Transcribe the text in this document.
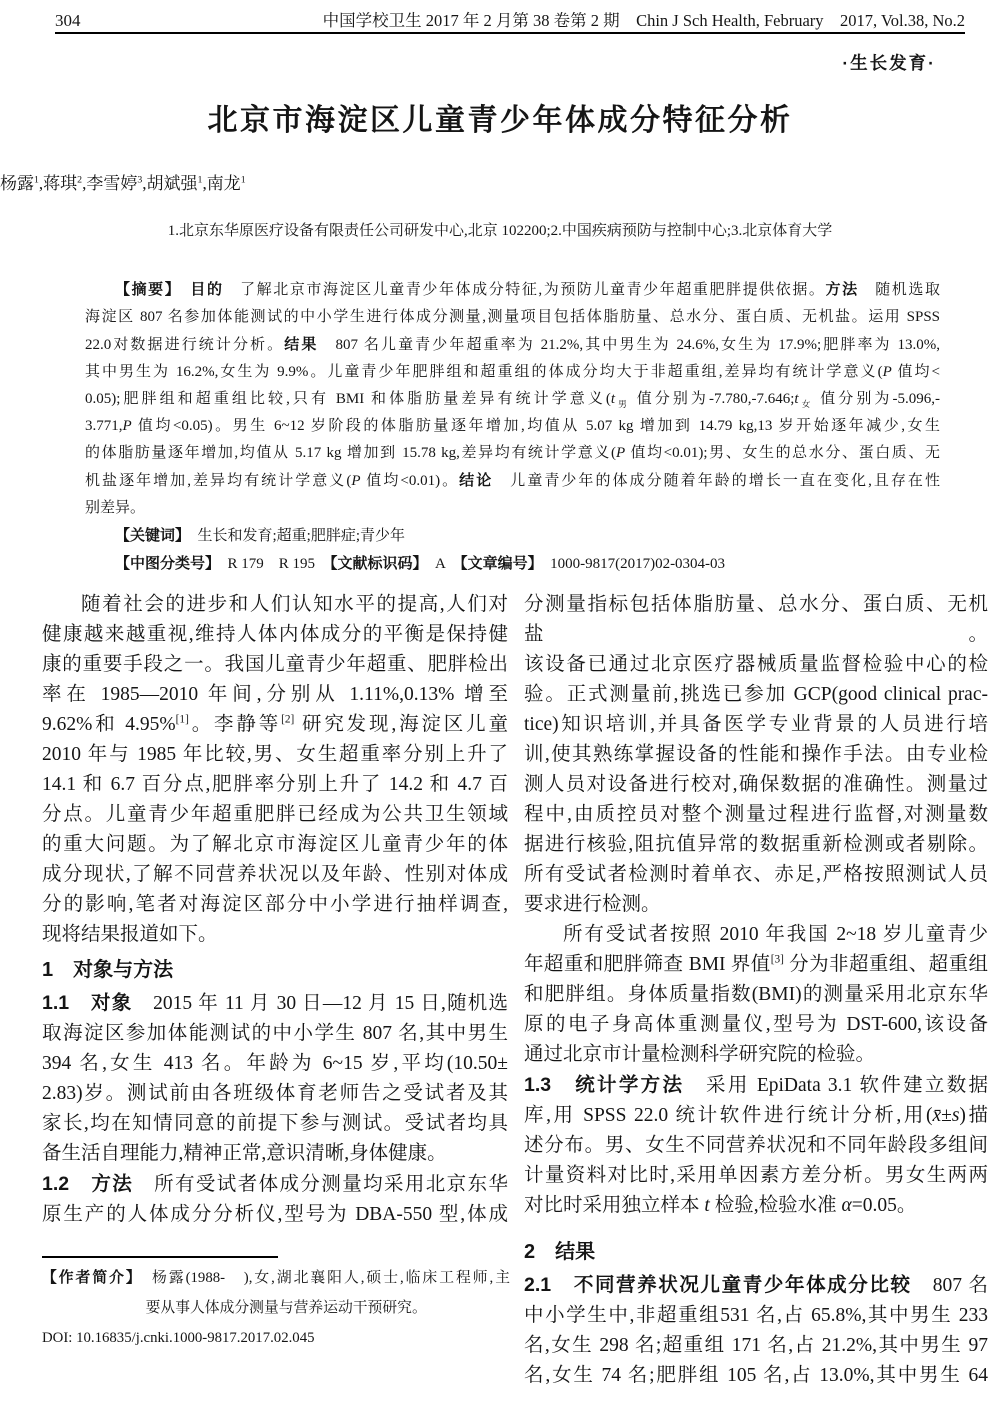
304	中国学校卫生 2017 年 2 月第 38 卷第 2 期　Chin J Sch Health, February　2017, Vol.38, No.2
·生长发育·
北京市海淀区儿童青少年体成分特征分析
杨露$^1$,蒋琪$^2$,李雪婷$^3$,胡斌强$^1$,南龙$^1$
1.北京东华原医疗设备有限责任公司研发中心,北京 102200;2.中国疾病预防与控制中心;3.北京体育大学
【摘要】　 目的　了解北京市海淀区儿童青少年体成分特征,为预防儿童青少年超重肥胖提供依据。方法　随机选取
海淀区 807 名参加体能测试的中小学生进行体成分测量,测量项目包括体脂肪量、总水分、蛋白质、无机盐。运用 SPSS
22.0对数据进行统计分析。结果　807 名儿童青少年超重率为 21.2%,其中男生为 24.6%,女生为 17.9%;肥胖率为 13.0%,
其中男生为 16.2%,女生为 9.9%。儿童青少年肥胖组和超重组的体成分均大于非超重组,差异均有统计学意义(P 值均<
0.05);肥胖组和超重组比较,只有 BMI 和体脂肪量差异有统计学意义($t_男$ 值分别为$-7.780,-7.646;t_女$ 值分别为-5.096,-
3.771,P 值均<0.05)。男生 6~12 岁阶段的体脂肪量逐年增加,均值从 5.07 kg 增加到 14.79 kg,13 岁开始逐年减少,女生
的体脂肪量逐年增加,均值从 5.17 kg 增加到 15.78 kg,差异均有统计学意义(P 值均<0.01);男、女生的总水分、蛋白质、无
机盐逐年增加,差异均有统计学意义(P 值均<0.01)。结论　儿童青少年的体成分随着年龄的增长一直在变化,且存在性
别差异。
【关键词】　生长和发育;超重;肥胖症;青少年
【中图分类号】　R 179　R 195　【文献标识码】　A　【文章编号】　1000-9817(2017)02-0304-03
随着社会的进步和人们认知水平的提高,人们对
健康越来越重视,维持人体内体成分的平衡是保持健
康的重要手段之一。我国儿童青少年超重、肥胖检出
率在 1985—2010 年间,分别从 1.11%,0.13% 增至
9.62%和 4.95%[1]。李静等[2] 研究发现,海淀区儿童
2010 年与 1985 年比较,男、女生超重率分别上升了
14.1 和 6.7 百分点,肥胖率分别上升了 14.2 和 4.7 百
分点。儿童青少年超重肥胖已经成为公共卫生领域
的重大问题。为了解北京市海淀区儿童青少年的体
成分现状,了解不同营养状况以及年龄、性别对体成
分的影响,笔者对海淀区部分中小学进行抽样调查,
现将结果报道如下。
1　对象与方法
1.1　对象　2015 年 11 月 30 日—12 月 15 日,随机选
取海淀区参加体能测试的中小学生 807 名,其中男生
394 名,女生 413 名。年龄为 6~15 岁,平均(10.50±
2.83)岁。测试前由各班级体育老师告之受试者及其
家长,均在知情同意的前提下参与测试。受试者均具
备生活自理能力,精神正常,意识清晰,身体健康。
1.2　方法　所有受试者体成分测量均采用北京东华
原生产的人体成分分析仪,型号为 DBA-550 型,体成
分测量指标包括体脂肪量、总水分、蛋白质、无机盐。
该设备已通过北京医疗器械质量监督检验中心的检
验。正式测量前,挑选已参加 GCP(good clinical prac-
tice)知识培训,并具备医学专业背景的人员进行培
训,使其熟练掌握设备的性能和操作手法。由专业检
测人员对设备进行校对,确保数据的准确性。测量过
程中,由质控员对整个测量过程进行监督,对测量数
据进行核验,阻抗值异常的数据重新检测或者剔除。
所有受试者检测时着单衣、赤足,严格按照测试人员
要求进行检测。
所有受试者按照 2010 年我国 2~18 岁儿童青少
年超重和肥胖筛查 BMI 界值[3] 分为非超重组、超重组
和肥胖组。身体质量指数(BMI)的测量采用北京东华
原的电子身高体重测量仪,型号为 DST-600,该设备
通过北京市计量检测科学研究院的检验。
1.3　统计学方法　采用 EpiData 3.1 软件建立数据
库,用 SPSS 22.0 统计软件进行统计分析,用(x̄±s)描
述分布。男、女生不同营养状况和不同年龄段多组间
计量资料对比时,采用单因素方差分析。男女生两两
对比时采用独立样本 t 检验,检验水准 α=0.05。
2　结果
2.1　不同营养状况儿童青少年体成分比较　807 名
中小学生中,非超重组531 名,占 65.8%,其中男生 233
名,女生 298 名;超重组 171 名,占 21.2%,其中男生 97
名,女生 74 名;肥胖组 105 名,占 13.0%,其中男生 64
【作者简介】　杨露(1988-　),女,湖北襄阳人,硕士,临床工程师,主
要从事人体成分测量与营养运动干预研究。
DOI: 10.16835/j.cnki.1000-9817.2017.02.045
